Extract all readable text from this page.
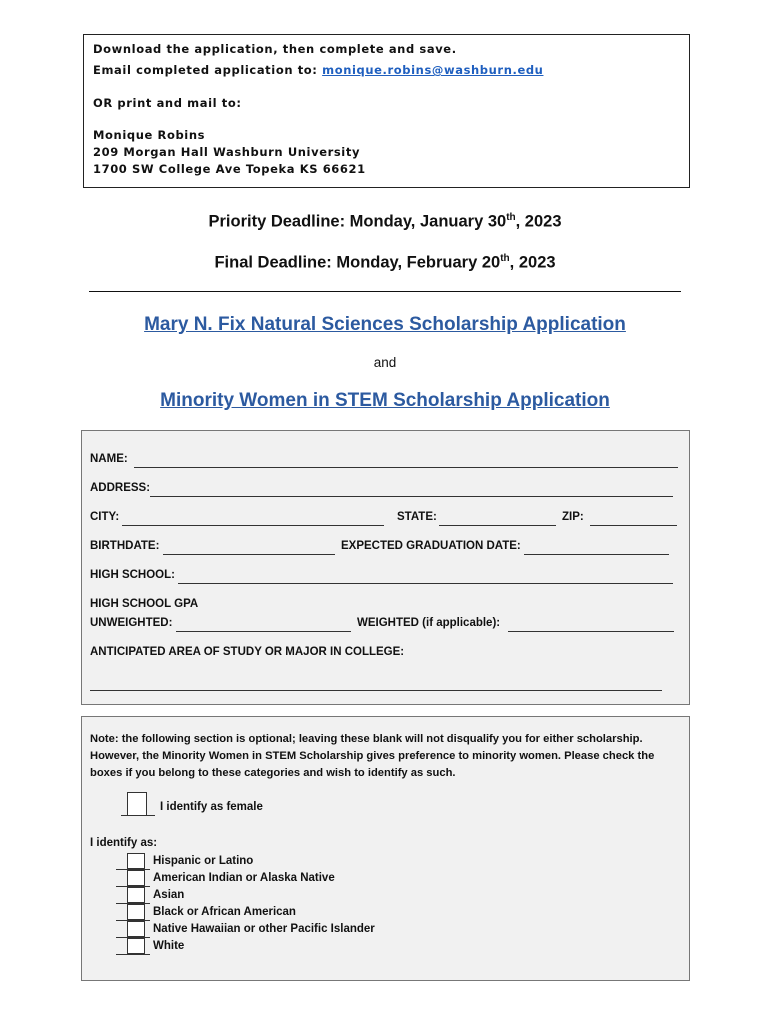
Download the application, then complete and save.
Email completed application to: monique.robins@washburn.edu
OR print and mail to:
Monique Robins
209 Morgan Hall Washburn University
1700 SW College Ave Topeka KS 66621
Priority Deadline: Monday, January 30th, 2023
Final Deadline: Monday, February 20th, 2023
Mary N. Fix Natural Sciences Scholarship Application
and
Minority Women in STEM Scholarship Application
NAME:
ADDRESS:
CITY:	STATE:	ZIP:
BIRTHDATE:	EXPECTED GRADUATION DATE:
HIGH SCHOOL:
HIGH SCHOOL GPA
UNWEIGHTED:	WEIGHTED (if applicable):
ANTICIPATED AREA OF STUDY OR MAJOR IN COLLEGE:
Note: the following section is optional; leaving these blank will not disqualify you for either scholarship. However, the Minority Women in STEM Scholarship gives preference to minority women. Please check the boxes if you belong to these categories and wish to identify as such.
I identify as female
I identify as:
Hispanic or Latino
American Indian or Alaska Native
Asian
Black or African American
Native Hawaiian or other Pacific Islander
White
